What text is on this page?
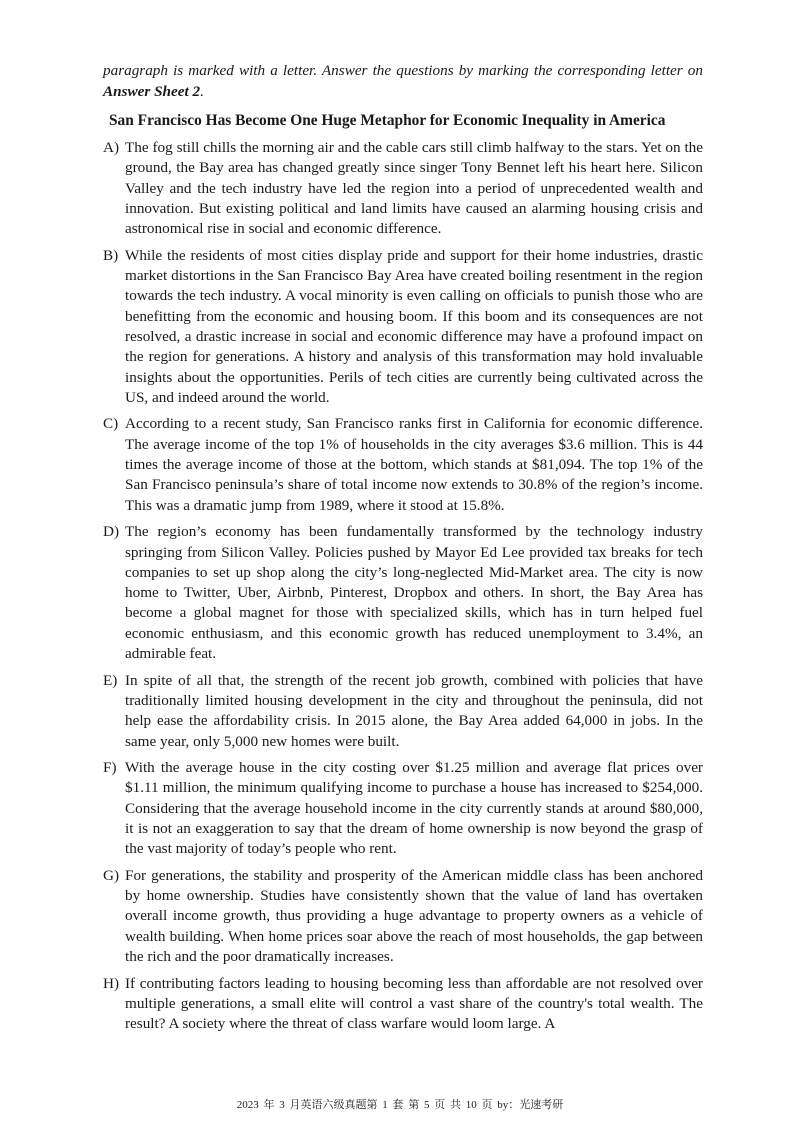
paragraph is marked with a letter. Answer the questions by marking the corresponding letter on Answer Sheet 2.

San Francisco Has Become One Huge Metaphor for Economic Inequality in America
A) The fog still chills the morning air and the cable cars still climb halfway to the stars. Yet on the ground, the Bay area has changed greatly since singer Tony Bennet left his heart here. Silicon Valley and the tech industry have led the region into a period of unprecedented wealth and innovation. But existing political and land limits have caused an alarming housing crisis and astronomical rise in social and economic difference.
B) While the residents of most cities display pride and support for their home industries, drastic market distortions in the San Francisco Bay Area have created boiling resentment in the region towards the tech industry. A vocal minority is even calling on officials to punish those who are benefitting from the economic and housing boom. If this boom and its consequences are not resolved, a drastic increase in social and economic difference may have a profound impact on the region for generations. A history and analysis of this transformation may hold invaluable insights about the opportunities. Perils of tech cities are currently being cultivated across the US, and indeed around the world.
C) According to a recent study, San Francisco ranks first in California for economic difference. The average income of the top 1% of households in the city averages $3.6 million. This is 44 times the average income of those at the bottom, which stands at $81,094. The top 1% of the San Francisco peninsula’s share of total income now extends to 30.8% of the region’s income. This was a dramatic jump from 1989, where it stood at 15.8%.
D) The region’s economy has been fundamentally transformed by the technology industry springing from Silicon Valley. Policies pushed by Mayor Ed Lee provided tax breaks for tech companies to set up shop along the city’s long-neglected Mid-Market area. The city is now home to Twitter, Uber, Airbnb, Pinterest, Dropbox and others. In short, the Bay Area has become a global magnet for those with specialized skills, which has in turn helped fuel economic enthusiasm, and this economic growth has reduced unemployment to 3.4%, an admirable feat.
E) In spite of all that, the strength of the recent job growth, combined with policies that have traditionally limited housing development in the city and throughout the peninsula, did not help ease the affordability crisis. In 2015 alone, the Bay Area added 64,000 in jobs. In the same year, only 5,000 new homes were built.
F) With the average house in the city costing over $1.25 million and average flat prices over $1.11 million, the minimum qualifying income to purchase a house has increased to $254,000. Considering that the average household income in the city currently stands at around $80,000, it is not an exaggeration to say that the dream of home ownership is now beyond the grasp of the vast majority of today’s people who rent.
G) For generations, the stability and prosperity of the American middle class has been anchored by home ownership. Studies have consistently shown that the value of land has overtaken overall income growth, thus providing a huge advantage to property owners as a vehicle of wealth building. When home prices soar above the reach of most households, the gap between the rich and the poor dramatically increases.
H) If contributing factors leading to housing becoming less than affordable are not resolved over multiple generations, a small elite will control a vast share of the country's total wealth. The result? A society where the threat of class warfare would loom large. A
2023 年 3 月英语六级真题第 1 套 第 5 页 共 10 页 by：光速考研
